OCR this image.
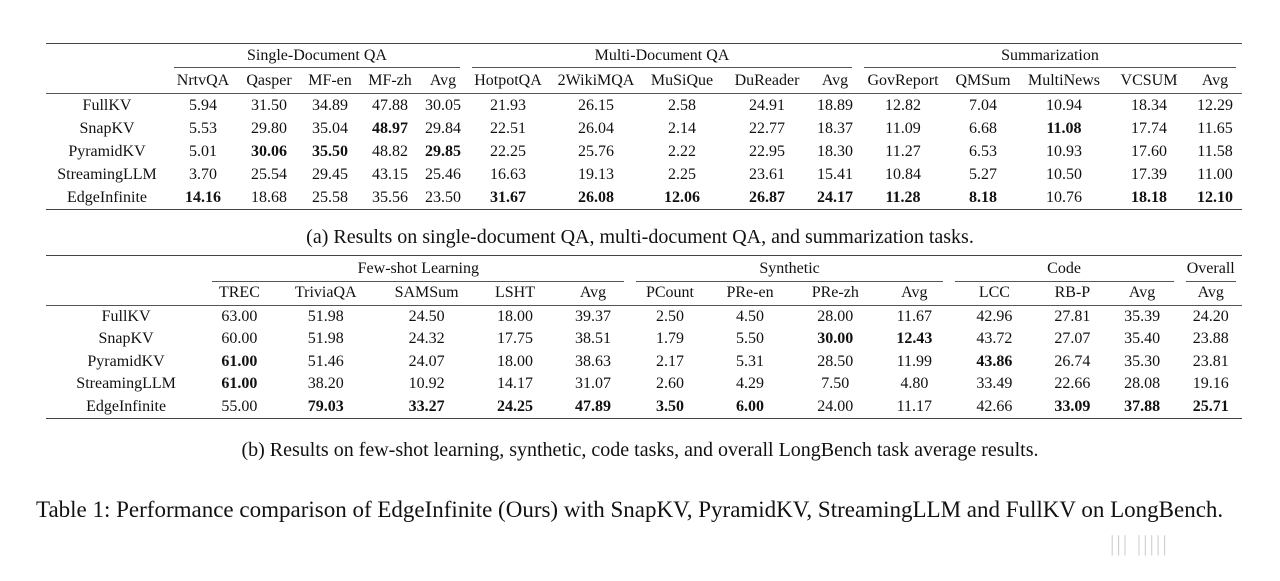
	Single-Document QA					Multi-Document QA					Summarization				
	NrtvQA	Qasper	MF-en	MF-zh	Avg	HotpotQA	2WikiMQA	MuSiQue	DuReader	Avg	GovReport	QMSum	MultiNews	VCSUM	Avg
FullKV	5.94	31.50	34.89	47.88	30.05	21.93	26.15	2.58	24.91	18.89	12.82	7.04	10.94	18.34	12.29
SnapKV	5.53	29.80	35.04	48.97	29.84	22.51	26.04	2.14	22.77	18.37	11.09	6.68	11.08	17.74	11.65
PyramidKV	5.01	30.06	35.50	48.82	29.85	22.25	25.76	2.22	22.95	18.30	11.27	6.53	10.93	17.60	11.58
StreamingLLM	3.70	25.54	29.45	43.15	25.46	16.63	19.13	2.25	23.61	15.41	10.84	5.27	10.50	17.39	11.00
EdgeInfinite	14.16	18.68	25.58	35.56	23.50	31.67	26.08	12.06	26.87	24.17	11.28	8.18	10.76	18.18	12.10
(a) Results on single-document QA, multi-document QA, and summarization tasks.
	Few-shot Learning					Synthetic				Code			Overall
	TREC	TriviaQA	SAMSum	LSHT	Avg	PCount	PRe-en	PRe-zh	Avg	LCC	RB-P	Avg	Avg
FullKV	63.00	51.98	24.50	18.00	39.37	2.50	4.50	28.00	11.67	42.96	27.81	35.39	24.20
SnapKV	60.00	51.98	24.32	17.75	38.51	1.79	5.50	30.00	12.43	43.72	27.07	35.40	23.88
PyramidKV	61.00	51.46	24.07	18.00	38.63	2.17	5.31	28.50	11.99	43.86	26.74	35.30	23.81
StreamingLLM	61.00	38.20	10.92	14.17	31.07	2.60	4.29	7.50	4.80	33.49	22.66	28.08	19.16
EdgeInfinite	55.00	79.03	33.27	24.25	47.89	3.50	6.00	24.00	11.17	42.66	33.09	37.88	25.71
(b) Results on few-shot learning, synthetic, code tasks, and overall LongBench task average results.
Table 1: Performance comparison of EdgeInfinite (Ours) with SnapKV, PyramidKV, StreamingLLM and FullKV on LongBench.
||| |||||
